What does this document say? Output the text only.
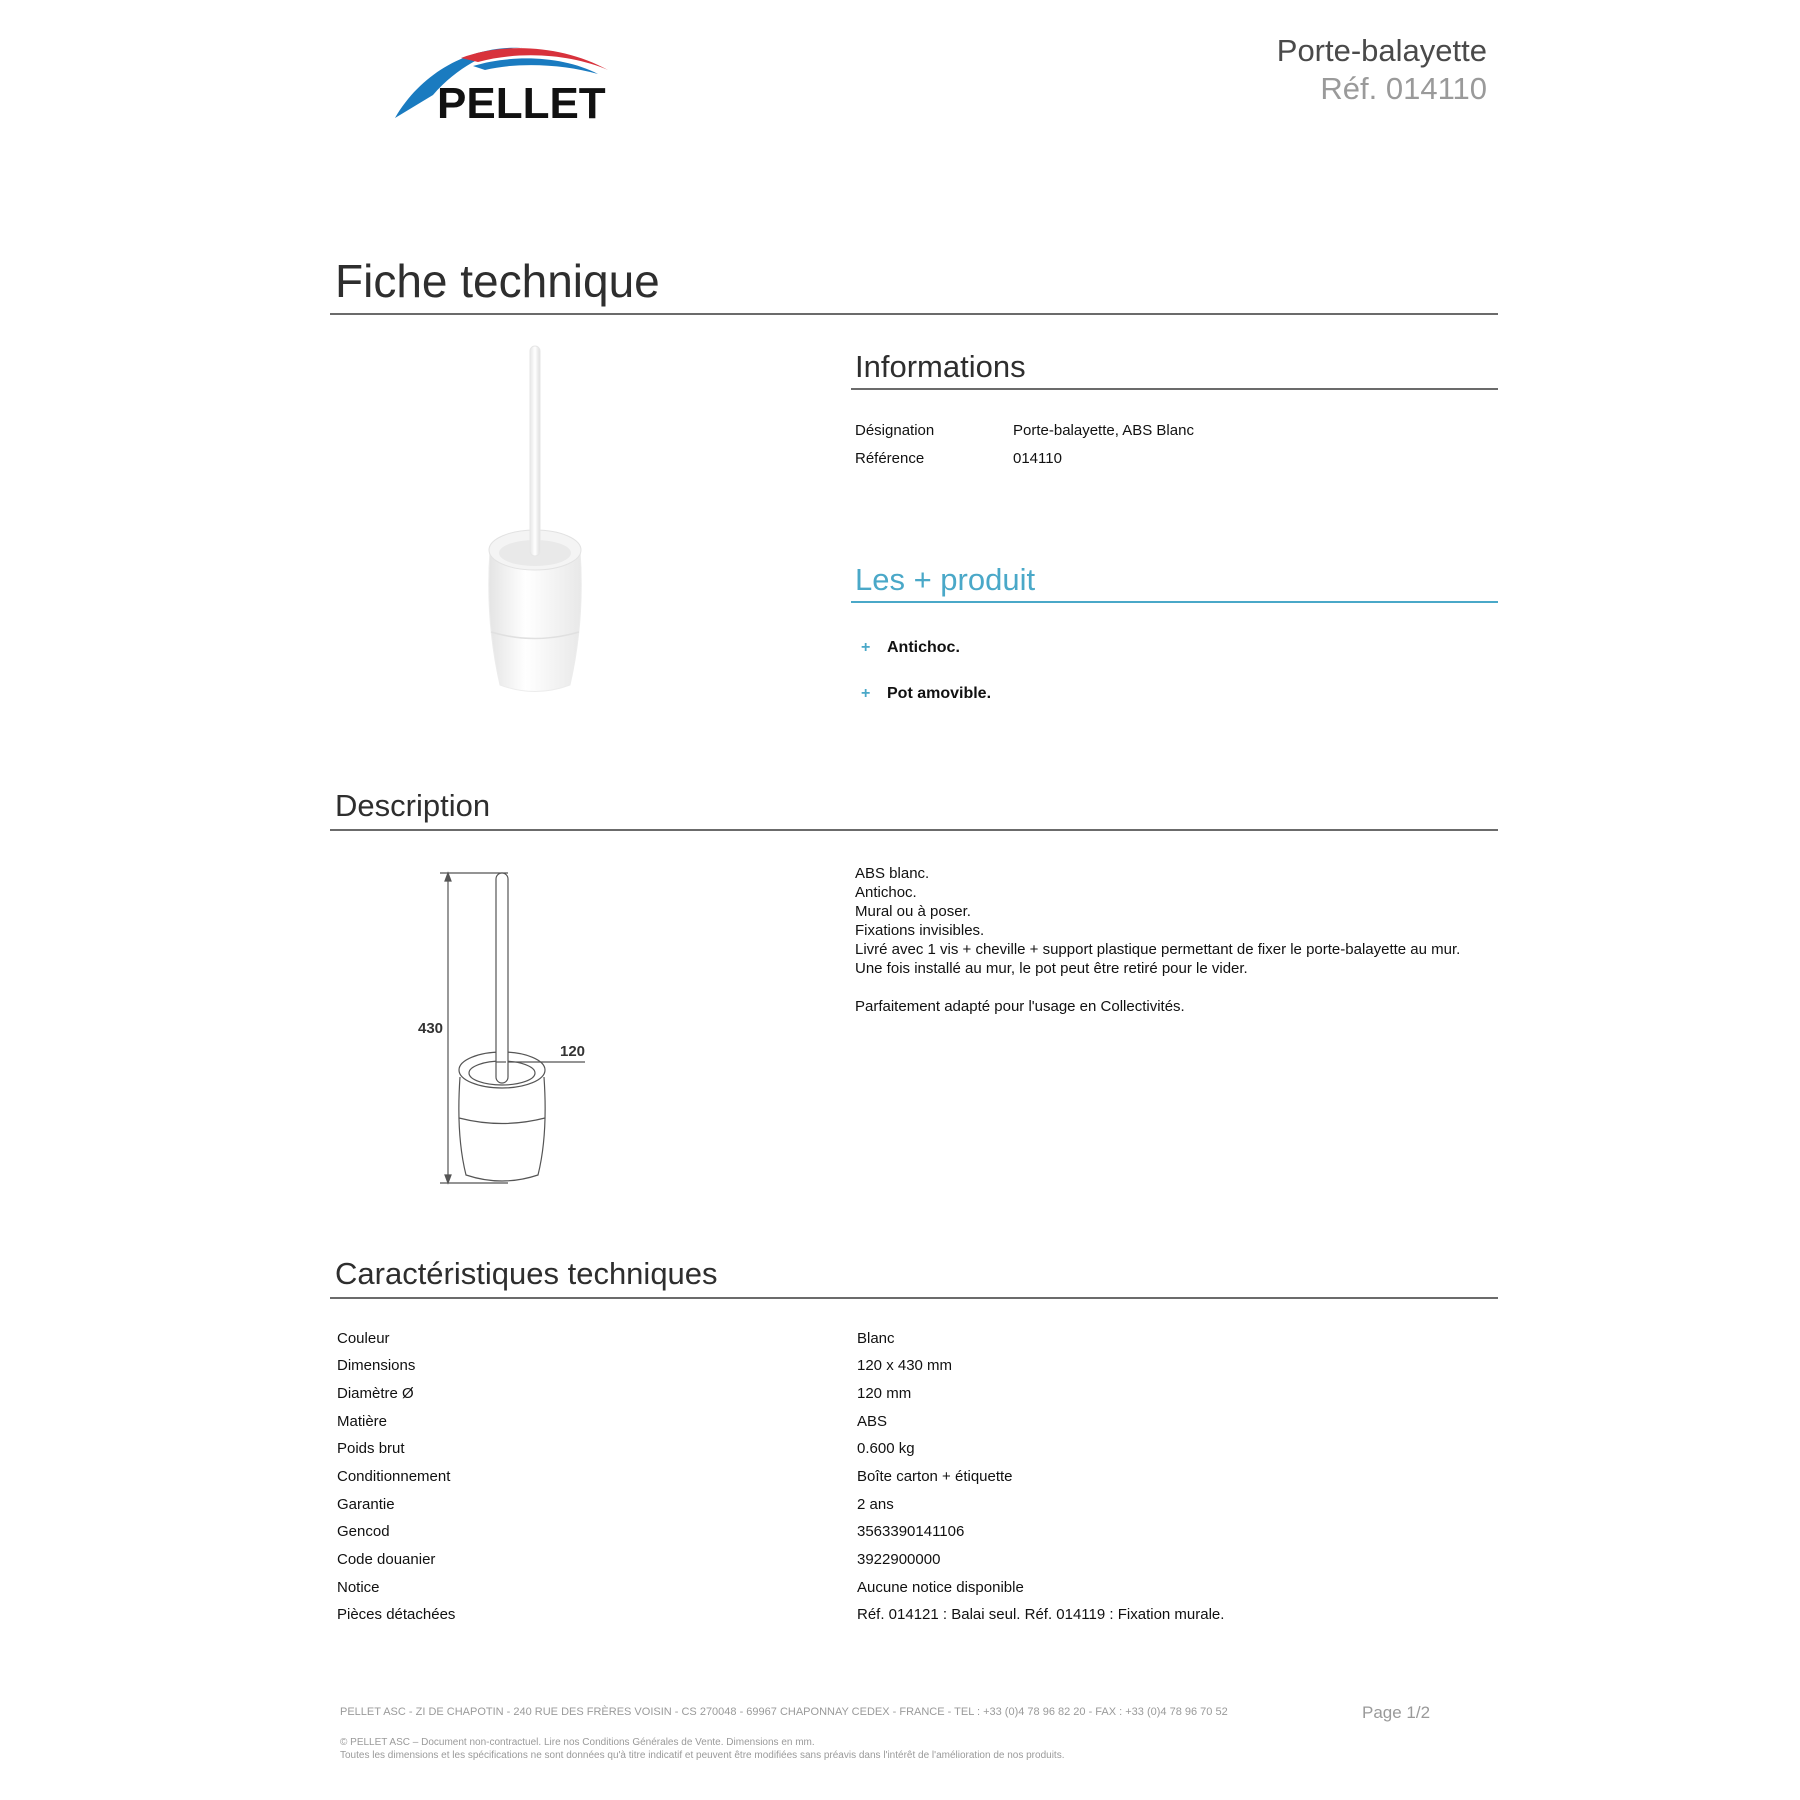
PELLET
Porte-balayette
Réf. 014110
Fiche technique
Informations
Désignation	Porte-balayette, ABS Blanc
Référence	014110
Les + produit
+ Antichoc.
+ Pot amovible.
Description
430
120
ABS blanc.
Antichoc.
Mural ou à poser.
Fixations invisibles.
Livré avec 1 vis + cheville + support plastique permettant de fixer le porte-balayette au mur.
Une fois installé au mur, le pot peut être retiré pour le vider.
Parfaitement adapté pour l'usage en Collectivités.
Caractéristiques techniques
Couleur	Blanc
Dimensions	120 x 430 mm
Diamètre Ø	120 mm
Matière	ABS
Poids brut	0.600 kg
Conditionnement	Boîte carton + étiquette
Garantie	2 ans
Gencod	3563390141106
Code douanier	3922900000
Notice	Aucune notice disponible
Pièces détachées	Réf. 014121 : Balai seul. Réf. 014119 : Fixation murale.
PELLET ASC - ZI DE CHAPOTIN - 240 RUE DES FRÈRES VOISIN - CS 270048 - 69967 CHAPONNAY CEDEX - FRANCE - TEL : +33 (0)4 78 96 82 20 - FAX : +33 (0)4 78 96 70 52	Page 1/2
© PELLET ASC – Document non-contractuel. Lire nos Conditions Générales de Vente. Dimensions en mm.
Toutes les dimensions et les spécifications ne sont données qu'à titre indicatif et peuvent être modifiées sans préavis dans l'intérêt de l'amélioration de nos produits.
